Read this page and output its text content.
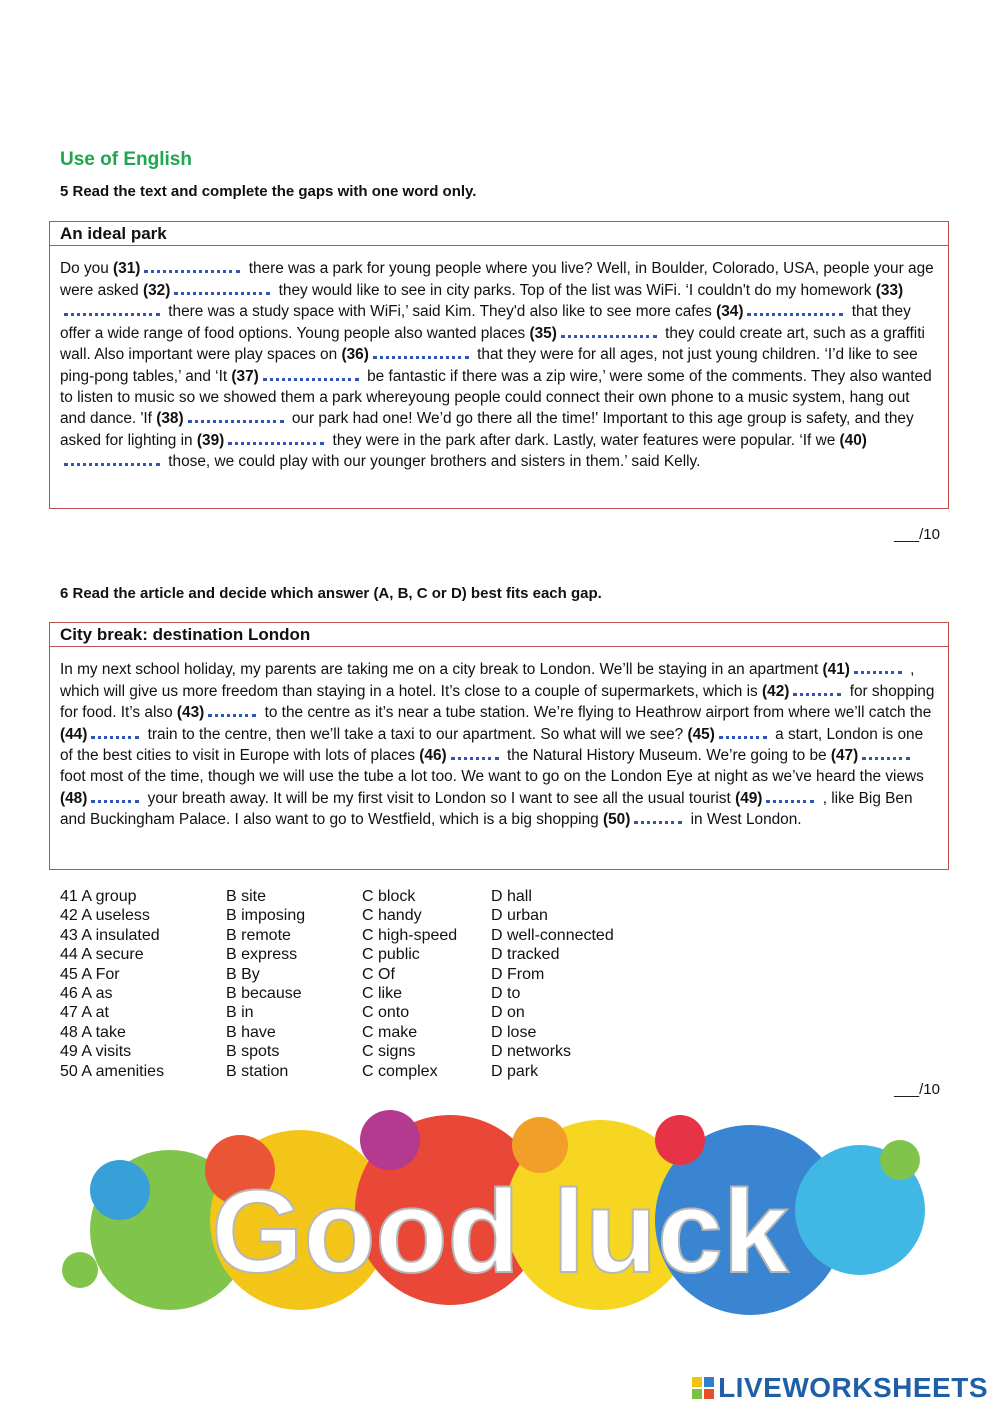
Use of English
5 Read the text and complete the gaps with one word only.
An ideal park
Do you (31)	there was a park for young people where you live? Well, in Boulder, Colorado, USA, people your age were asked (32)	they would like to see in city parks. Top of the list was WiFi. ‘I couldn't do my homework (33) there was a study space with WiFi,’ said Kim. They'd also like to see more cafes (34)	that they offer a wide range of food options. Young people also wanted places (35)	they could create art, such as a graffiti wall. Also important were play spaces on (36)	that they were for all ages, not just young children. ‘I’d like to see ping-pong tables,’ and ‘It (37)	be fantastic if there was a zip wire,’ were some of the comments. They also wanted to listen to music so we showed them a park whereyoung people could connect their own phone to a music system, hang out and dance. 'If (38)	our park had one! We’d go there all the time!' Important to this age group is safety, and they asked for lighting in (39)	they were in the park after dark. Lastly, water features were popular. ‘If we (40) those, we could play with our younger brothers and sisters in them.’ said Kelly.
___/10
6 Read the article and decide which answer (A, B, C or D) best fits each gap.
City break: destination London
In my next school holiday, my parents are taking me on a city break to London. We’ll be staying in an apartment (41)	, which will give us more freedom than staying in a hotel. It’s close to a couple of supermarkets, which is (42)	for shopping for food. It’s also (43)	to the centre as it’s near a tube station. We’re flying to Heathrow airport from where we’ll catch the (44)	train to the centre, then we’ll take a taxi to our apartment. So what will we see? (45)	a start, London is one of the best cities to visit in Europe with lots of places (46)	the Natural History Museum. We’re going to be (47) foot most of the time, though we will use the tube a lot too. We want to go on the London Eye at night as we’ve heard the views (48)	your breath away. It will be my first visit to London so I want to see all the usual tourist (49)	, like Big Ben and Buckingham Palace. I also want to go to Westfield, which is a big shopping (50)	in West London.
41 A group	B site	C block	D hall
42 A useless	B imposing	C handy	D urban
43 A insulated	B remote	C high-speed	D well-connected
44 A secure	B express	C public	D tracked
45 A For	B By	C Of	D From
46 A as	B because	C like	D to
47 A at	B in	C onto	D on
48 A take	B have	C make	D lose
49 A visits	B spots	C signs	D networks
50 A amenities	B station	C complex	D park
___/10
Good luck
LIVEWORKSHEETS
